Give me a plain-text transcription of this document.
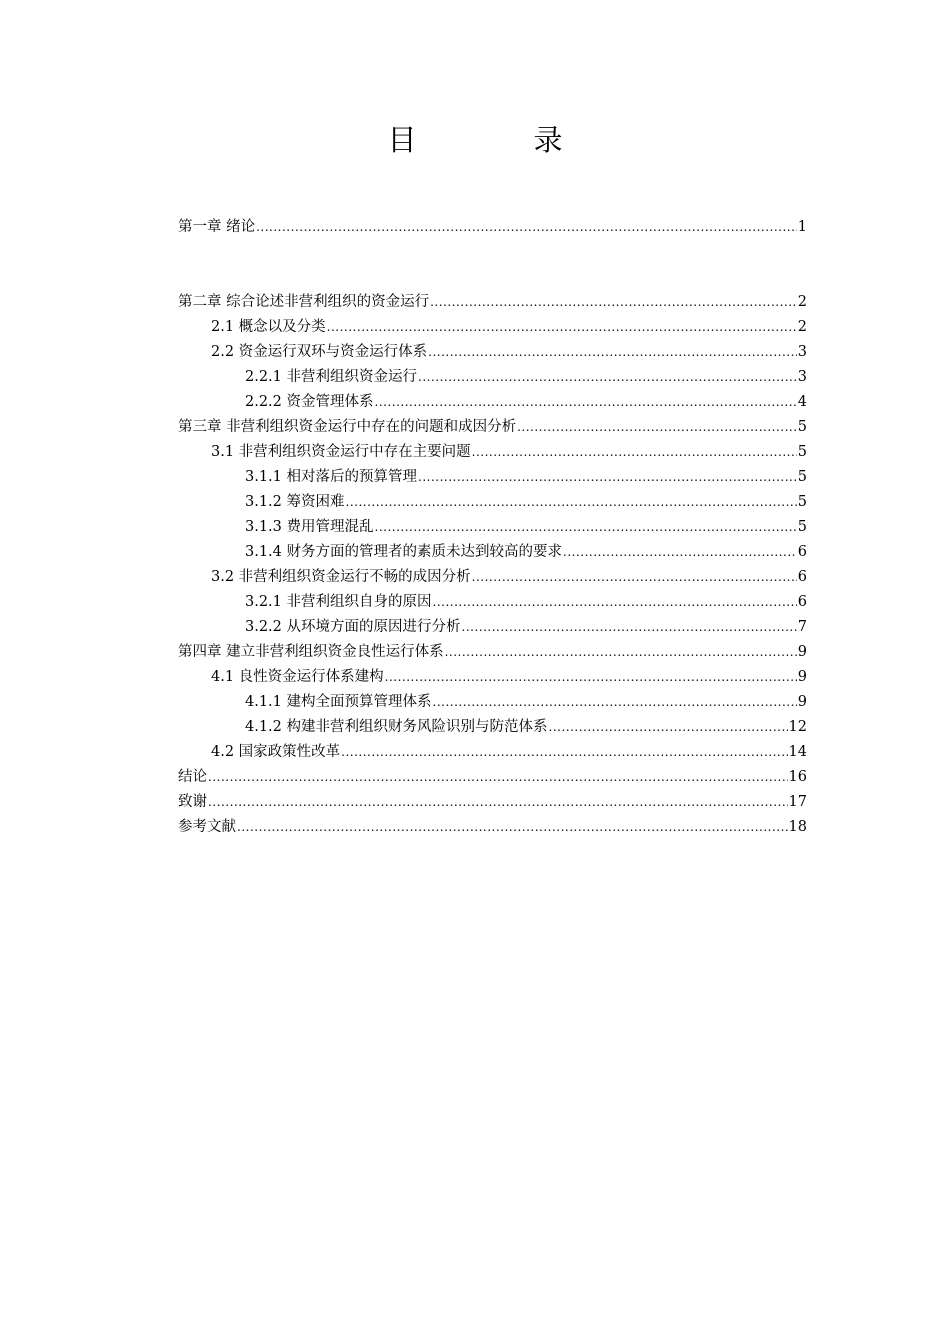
目　录
第一章 绪论 .....	1
第二章 综合论述非营利组织的资金运行 .....	2
2.1 概念以及分类 .....	2
2.2 资金运行双环与资金运行体系 .....	3
2.2.1 非营利组织资金运行 .....	3
2.2.2 资金管理体系 .....	4
第三章 非营利组织资金运行中存在的问题和成因分析 .....	5
3.1 非营利组织资金运行中存在主要问题 .....	5
3.1.1 相对落后的预算管理 .....	5
3.1.2 筹资困难 .....	5
3.1.3 费用管理混乱 .....	5
3.1.4 财务方面的管理者的素质未达到较高的要求 .....	6
3.2 非营利组织资金运行不畅的成因分析 .....	6
3.2.1 非营利组织自身的原因 .....	6
3.2.2 从环境方面的原因进行分析 .....	7
第四章 建立非营利组织资金良性运行体系 .....	9
4.1 良性资金运行体系建构 .....	9
4.1.1 建构全面预算管理体系 .....	9
4.1.2 构建非营利组织财务风险识别与防范体系 .....	12
4.2 国家政策性改革 .....	14
结论 .....	16
致谢 .....	17
参考文献 .....	18
